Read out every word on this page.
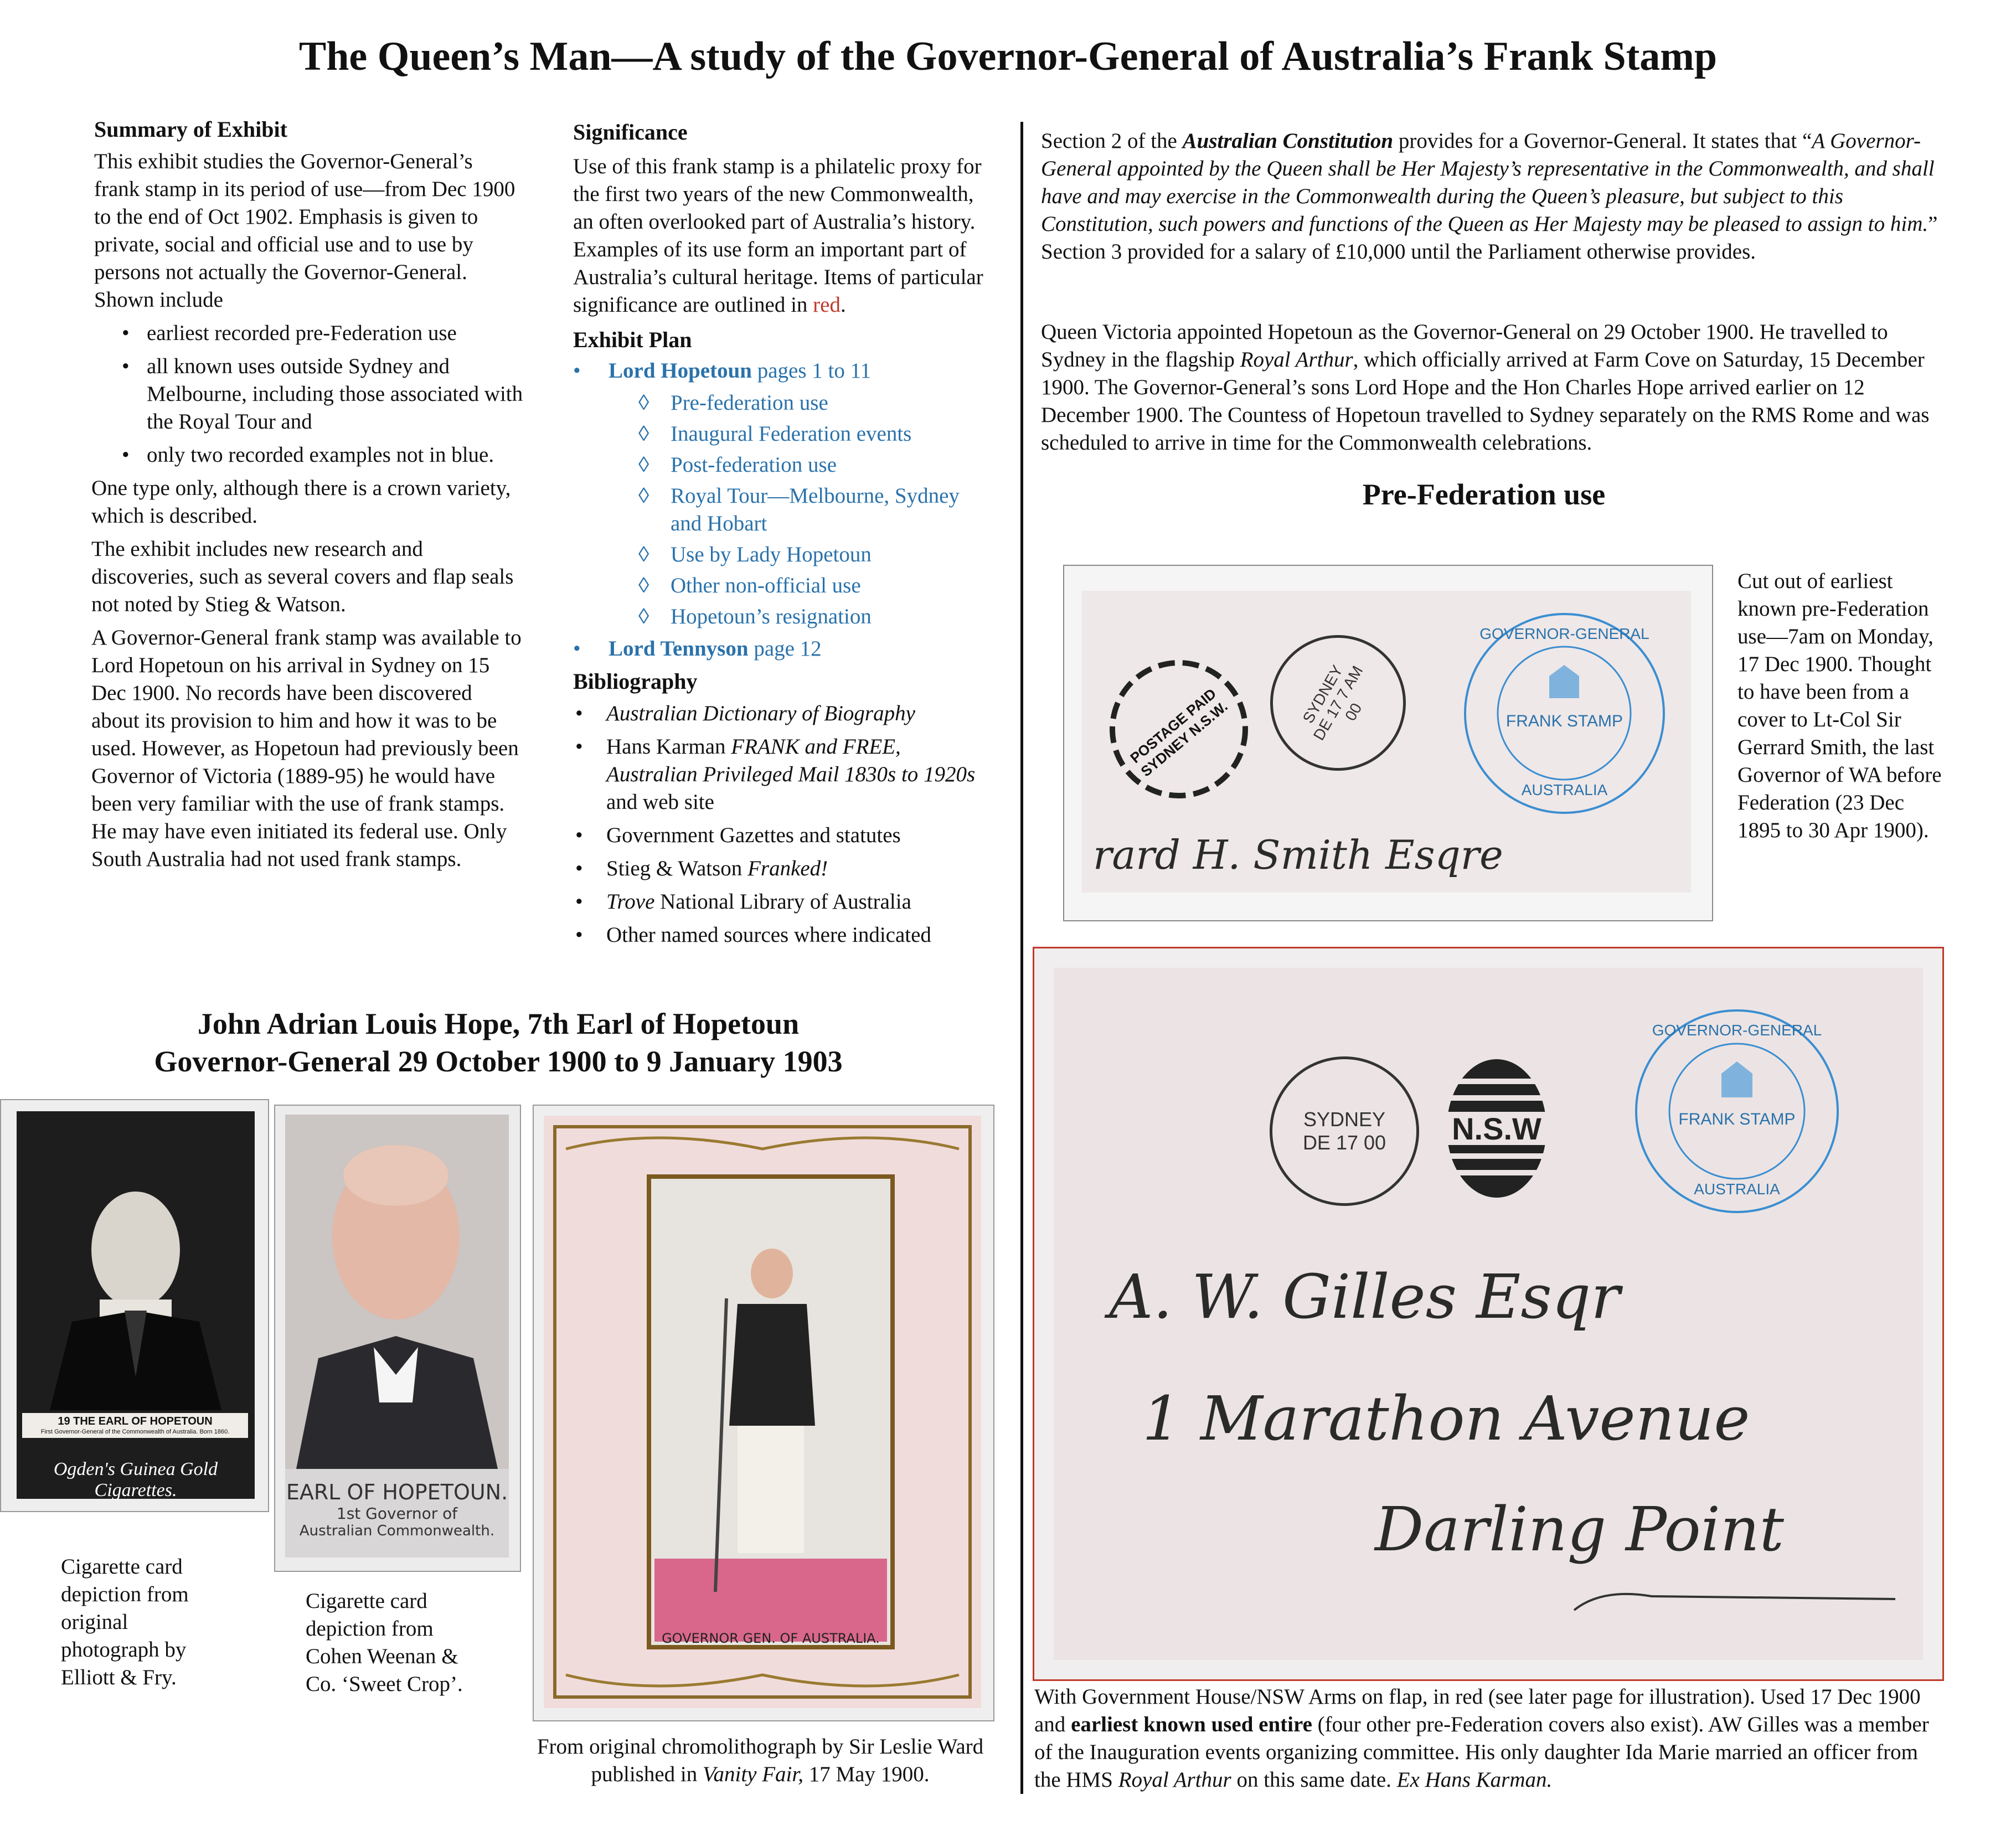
The Queen’s Man—A study of the Governor-General of Australia’s Frank Stamp
Summary of Exhibit
This exhibit studies the Governor-General’s frank stamp in its period of use—from Dec 1900 to the end of Oct 1902. Emphasis is given to private, social and official use and to use by persons not actually the Governor-General. Shown include
• earliest recorded pre-Federation use
• all known uses outside Sydney and Melbourne, including those associated with the Royal Tour and
• only two recorded examples not in blue.
One type only, although there is a crown variety, which is described.
The exhibit includes new research and discoveries, such as several covers and flap seals not noted by Stieg & Watson.
A Governor-General frank stamp was available to Lord Hopetoun on his arrival in Sydney on 15 Dec 1900. No records have been discovered about its provision to him and how it was to be used. However, as Hopetoun had previously been Governor of Victoria (1889-95) he would have been very familiar with the use of frank stamps. He may have even initiated its federal use. Only South Australia had not used frank stamps.
Significance
Use of this frank stamp is a philatelic proxy for the first two years of the new Commonwealth, an often overlooked part of Australia’s history. Examples of its use form an important part of Australia’s cultural heritage. Items of particular significance are outlined in red.
Exhibit Plan
• Lord Hopetoun pages 1 to 11
◊ Pre-federation use
◊ Inaugural Federation events
◊ Post-federation use
◊ Royal Tour—Melbourne, Sydney and Hobart
◊ Use by Lady Hopetoun
◊ Other non-official use
◊ Hopetoun’s resignation
• Lord Tennyson page 12
Bibliography
• Australian Dictionary of Biography
• Hans Karman FRANK and FREE, Australian Privileged Mail 1830s to 1920s and web site
• Government Gazettes and statutes
• Stieg & Watson Franked!
• Trove National Library of Australia
• Other named sources where indicated
John Adrian Louis Hope, 7th Earl of Hopetoun
Governor-General 29 October 1900 to 9 January 1903
19 THE EARL OF HOPETOUN
First Governor-General of the Commonwealth of Australia. Born 1860.
Ogden's Guinea Gold Cigarettes.
Cigarette card depiction from original photograph by Elliott & Fry.
EARL OF HOPETOUN.
1st Governor of
Australian Commonwealth.
Cigarette card depiction from Cohen Weenan & Co. ‘Sweet Crop’.
GOVERNOR GEN. OF AUSTRALIA.
From original chromolithograph by Sir Leslie Ward published in Vanity Fair, 17 May 1900.
Section 2 of the Australian Constitution provides for a Governor-General. It states that “A Governor-General appointed by the Queen shall be Her Majesty’s representative in the Commonwealth, and shall have and may exercise in the Commonwealth during the Queen’s pleasure, but subject to this Constitution, such powers and functions of the Queen as Her Majesty may be pleased to assign to him.” Section 3 provided for a salary of £10,000 until the Parliament otherwise provides.
Queen Victoria appointed Hopetoun as the Governor-General on 29 October 1900. He travelled to Sydney in the flagship Royal Arthur, which officially arrived at Farm Cove on Saturday, 15 December 1900. The Governor-General’s sons Lord Hope and the Hon Charles Hope arrived earlier on 12 December 1900. The Countess of Hopetoun travelled to Sydney separately on the RMS Rome and was scheduled to arrive in time for the Commonwealth celebrations.
Pre-Federation use
POSTAGE PAID SYDNEY N.S.W.
SYDNEY DE 17 7 AM 00
GOVERNOR-GENERAL
FRANK STAMP
AUSTRALIA
rard H. Smith Esqre
Cut out of earliest known pre-Federation use—7am on Monday, 17 Dec 1900. Thought to have been from a cover to Lt-Col Sir Gerrard Smith, the last Governor of WA before Federation (23 Dec 1895 to 30 Apr 1900).
SYDNEY DE 17 00	N.S.W
GOVERNOR-GENERAL
FRANK STAMP
AUSTRALIA
A. W. Gilles Esqr
1 Marathon Avenue
Darling Point
With Government House/NSW Arms on flap, in red (see later page for illustration). Used 17 Dec 1900 and earliest known used entire (four other pre-Federation covers also exist). AW Gilles was a member of the Inauguration events organizing committee. His only daughter Ida Marie married an officer from the HMS Royal Arthur on this same date. Ex Hans Karman.
